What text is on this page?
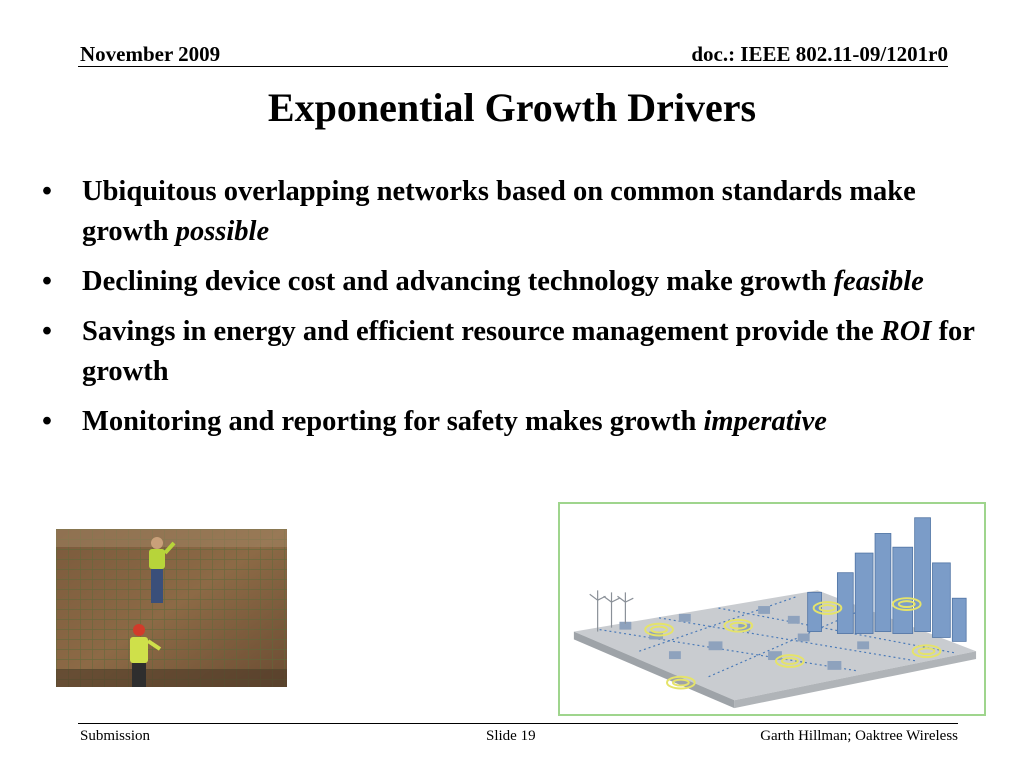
November 2009	doc.: IEEE 802.11-09/1201r0
Exponential Growth Drivers
• Ubiquitous overlapping networks based on common standards make growth possible
• Declining device cost and advancing technology make growth feasible
• Savings in energy and efficient resource management provide the ROI for growth
• Monitoring and reporting for safety makes growth imperative
Submission	Slide 19	Garth Hillman; Oaktree Wireless
